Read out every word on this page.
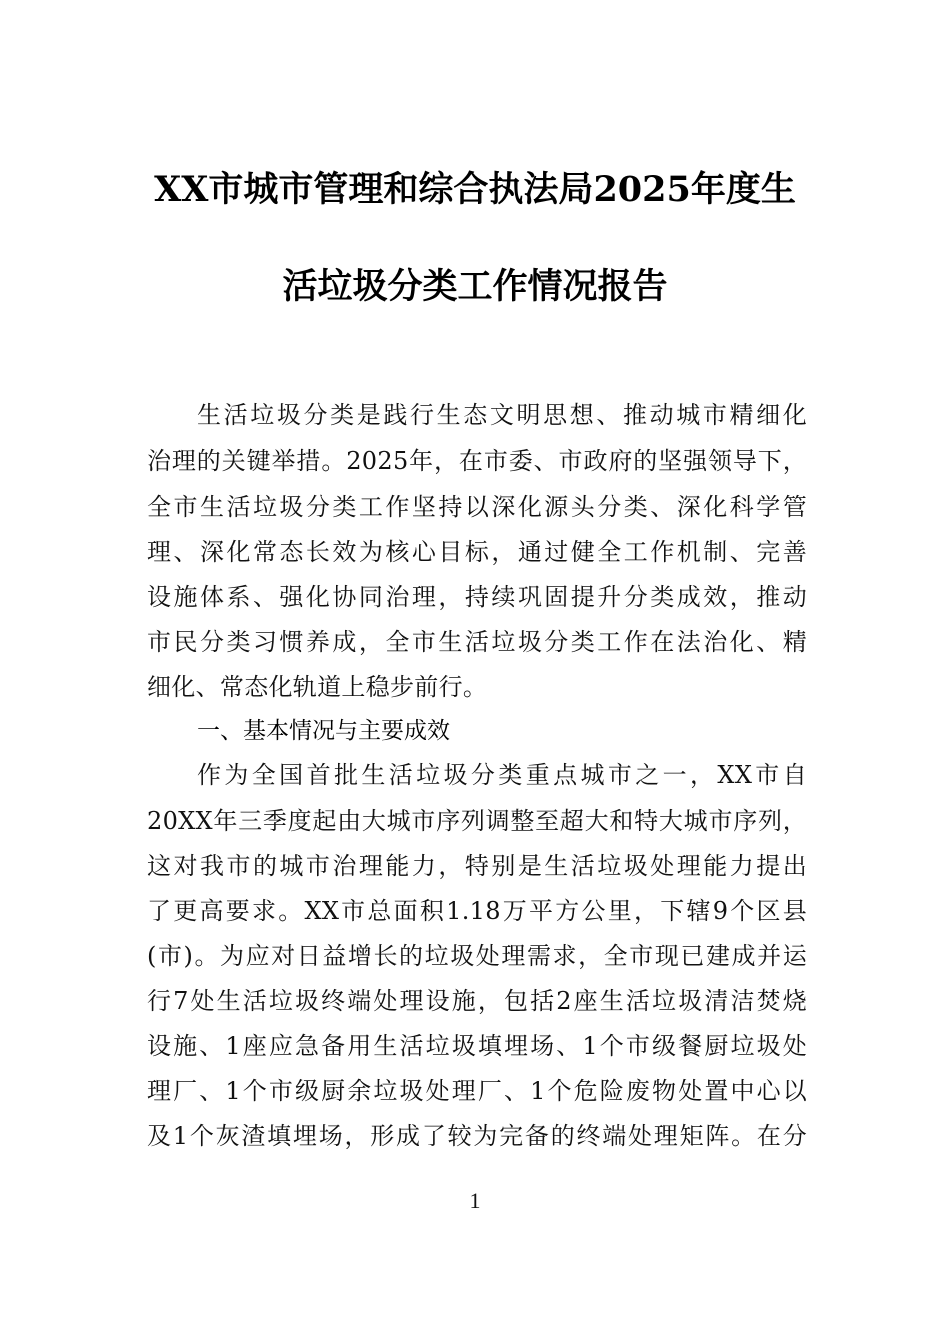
XX市城市管理和综合执法局2025年度生
活垃圾分类工作情况报告
生活垃圾分类是践行生态文明思想、推动城市精细化
治理的关键举措。2025年，在市委、市政府的坚强领导下，
全市生活垃圾分类工作坚持以深化源头分类、深化科学管
理、深化常态长效为核心目标，通过健全工作机制、完善
设施体系、强化协同治理，持续巩固提升分类成效，推动
市民分类习惯养成，全市生活垃圾分类工作在法治化、精
细化、常态化轨道上稳步前行。
一、基本情况与主要成效
作为全国首批生活垃圾分类重点城市之一，XX市自
20XX年三季度起由大城市序列调整至超大和特大城市序列，
这对我市的城市治理能力，特别是生活垃圾处理能力提出
了更高要求。XX市总面积1.18万平方公里，下辖9个区县
(市)。为应对日益增长的垃圾处理需求，全市现已建成并运
行7处生活垃圾终端处理设施，包括2座生活垃圾清洁焚烧
设施、1座应急备用生活垃圾填埋场、1个市级餐厨垃圾处
理厂、1个市级厨余垃圾处理厂、1个危险废物处置中心以
及1个灰渣填埋场，形成了较为完备的终端处理矩阵。在分
1
